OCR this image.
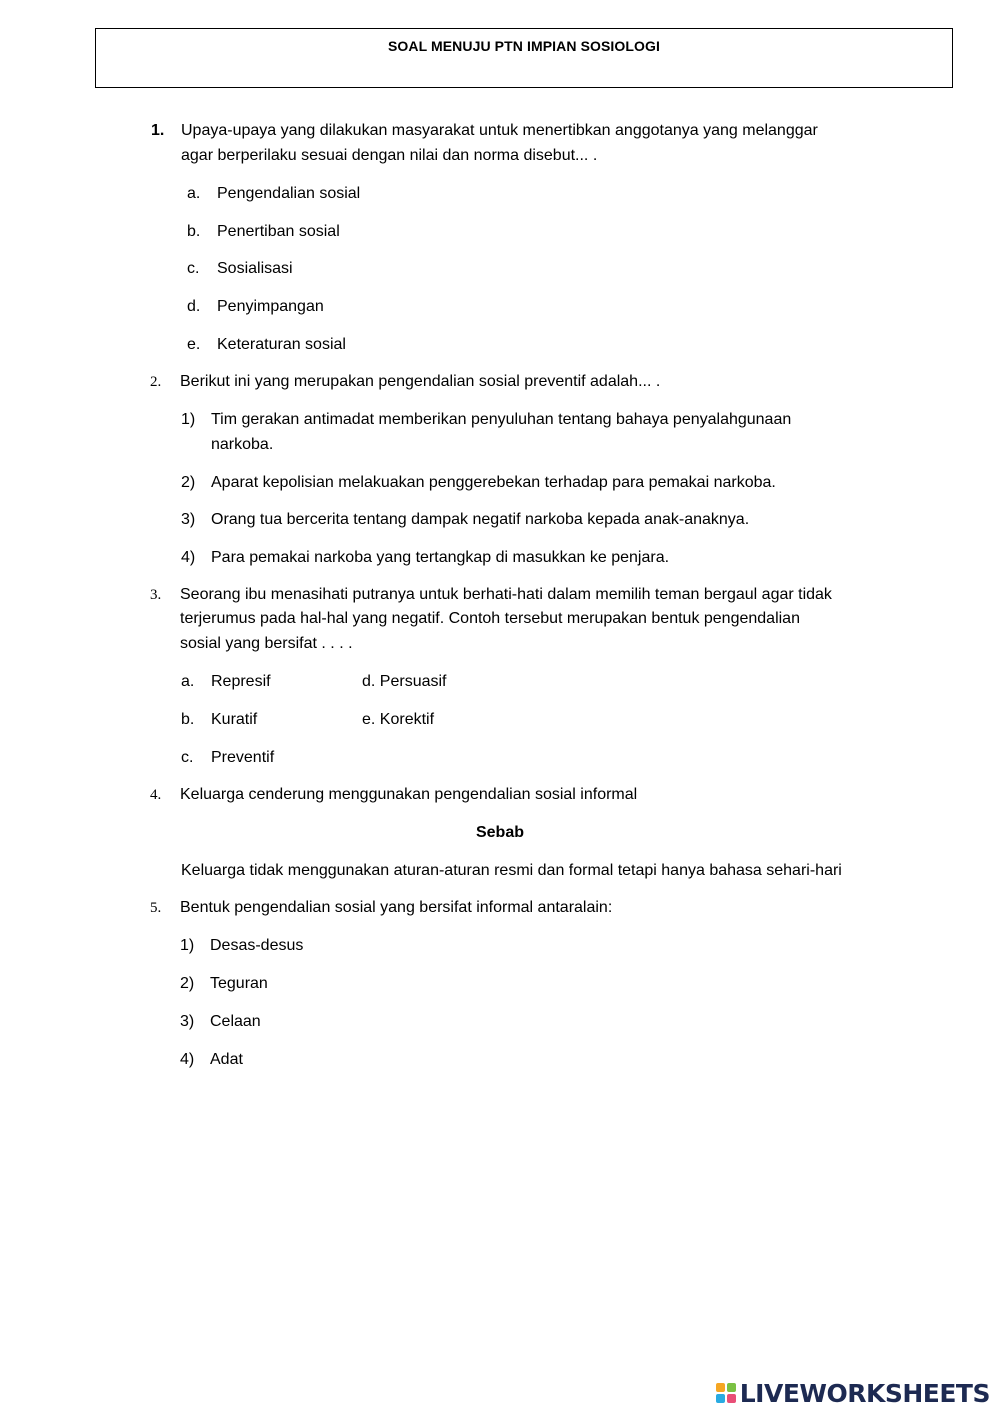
SOAL MENUJU PTN IMPIAN SOSIOLOGI
1. Upaya-upaya yang dilakukan masyarakat untuk menertibkan anggotanya yang melanggar
agar berperilaku sesuai dengan nilai dan norma disebut... .
a. Pengendalian sosial
b. Penertiban sosial
c. Sosialisasi
d. Penyimpangan
e. Keteraturan sosial
2. Berikut ini yang merupakan pengendalian sosial preventif adalah... .
1) Tim gerakan antimadat memberikan penyuluhan tentang bahaya penyalahgunaan
narkoba.
2) Aparat kepolisian melakuakan penggerebekan terhadap para pemakai narkoba.
3) Orang tua bercerita tentang dampak negatif narkoba kepada anak-anaknya.
4) Para pemakai narkoba yang tertangkap di masukkan ke penjara.
3. Seorang ibu menasihati putranya untuk berhati-hati dalam memilih teman bergaul agar tidak
terjerumus pada hal-hal yang negatif. Contoh tersebut merupakan bentuk pengendalian
sosial yang bersifat . . . .
a. Represif	d. Persuasif
b. Kuratif	e. Korektif
c. Preventif
4. Keluarga cenderung menggunakan pengendalian sosial informal
Sebab
Keluarga tidak menggunakan aturan-aturan resmi dan formal tetapi hanya bahasa sehari-hari
5. Bentuk pengendalian sosial yang bersifat informal antaralain:
1) Desas-desus
2) Teguran
3) Celaan
4) Adat
LIVEWORKSHEETS
